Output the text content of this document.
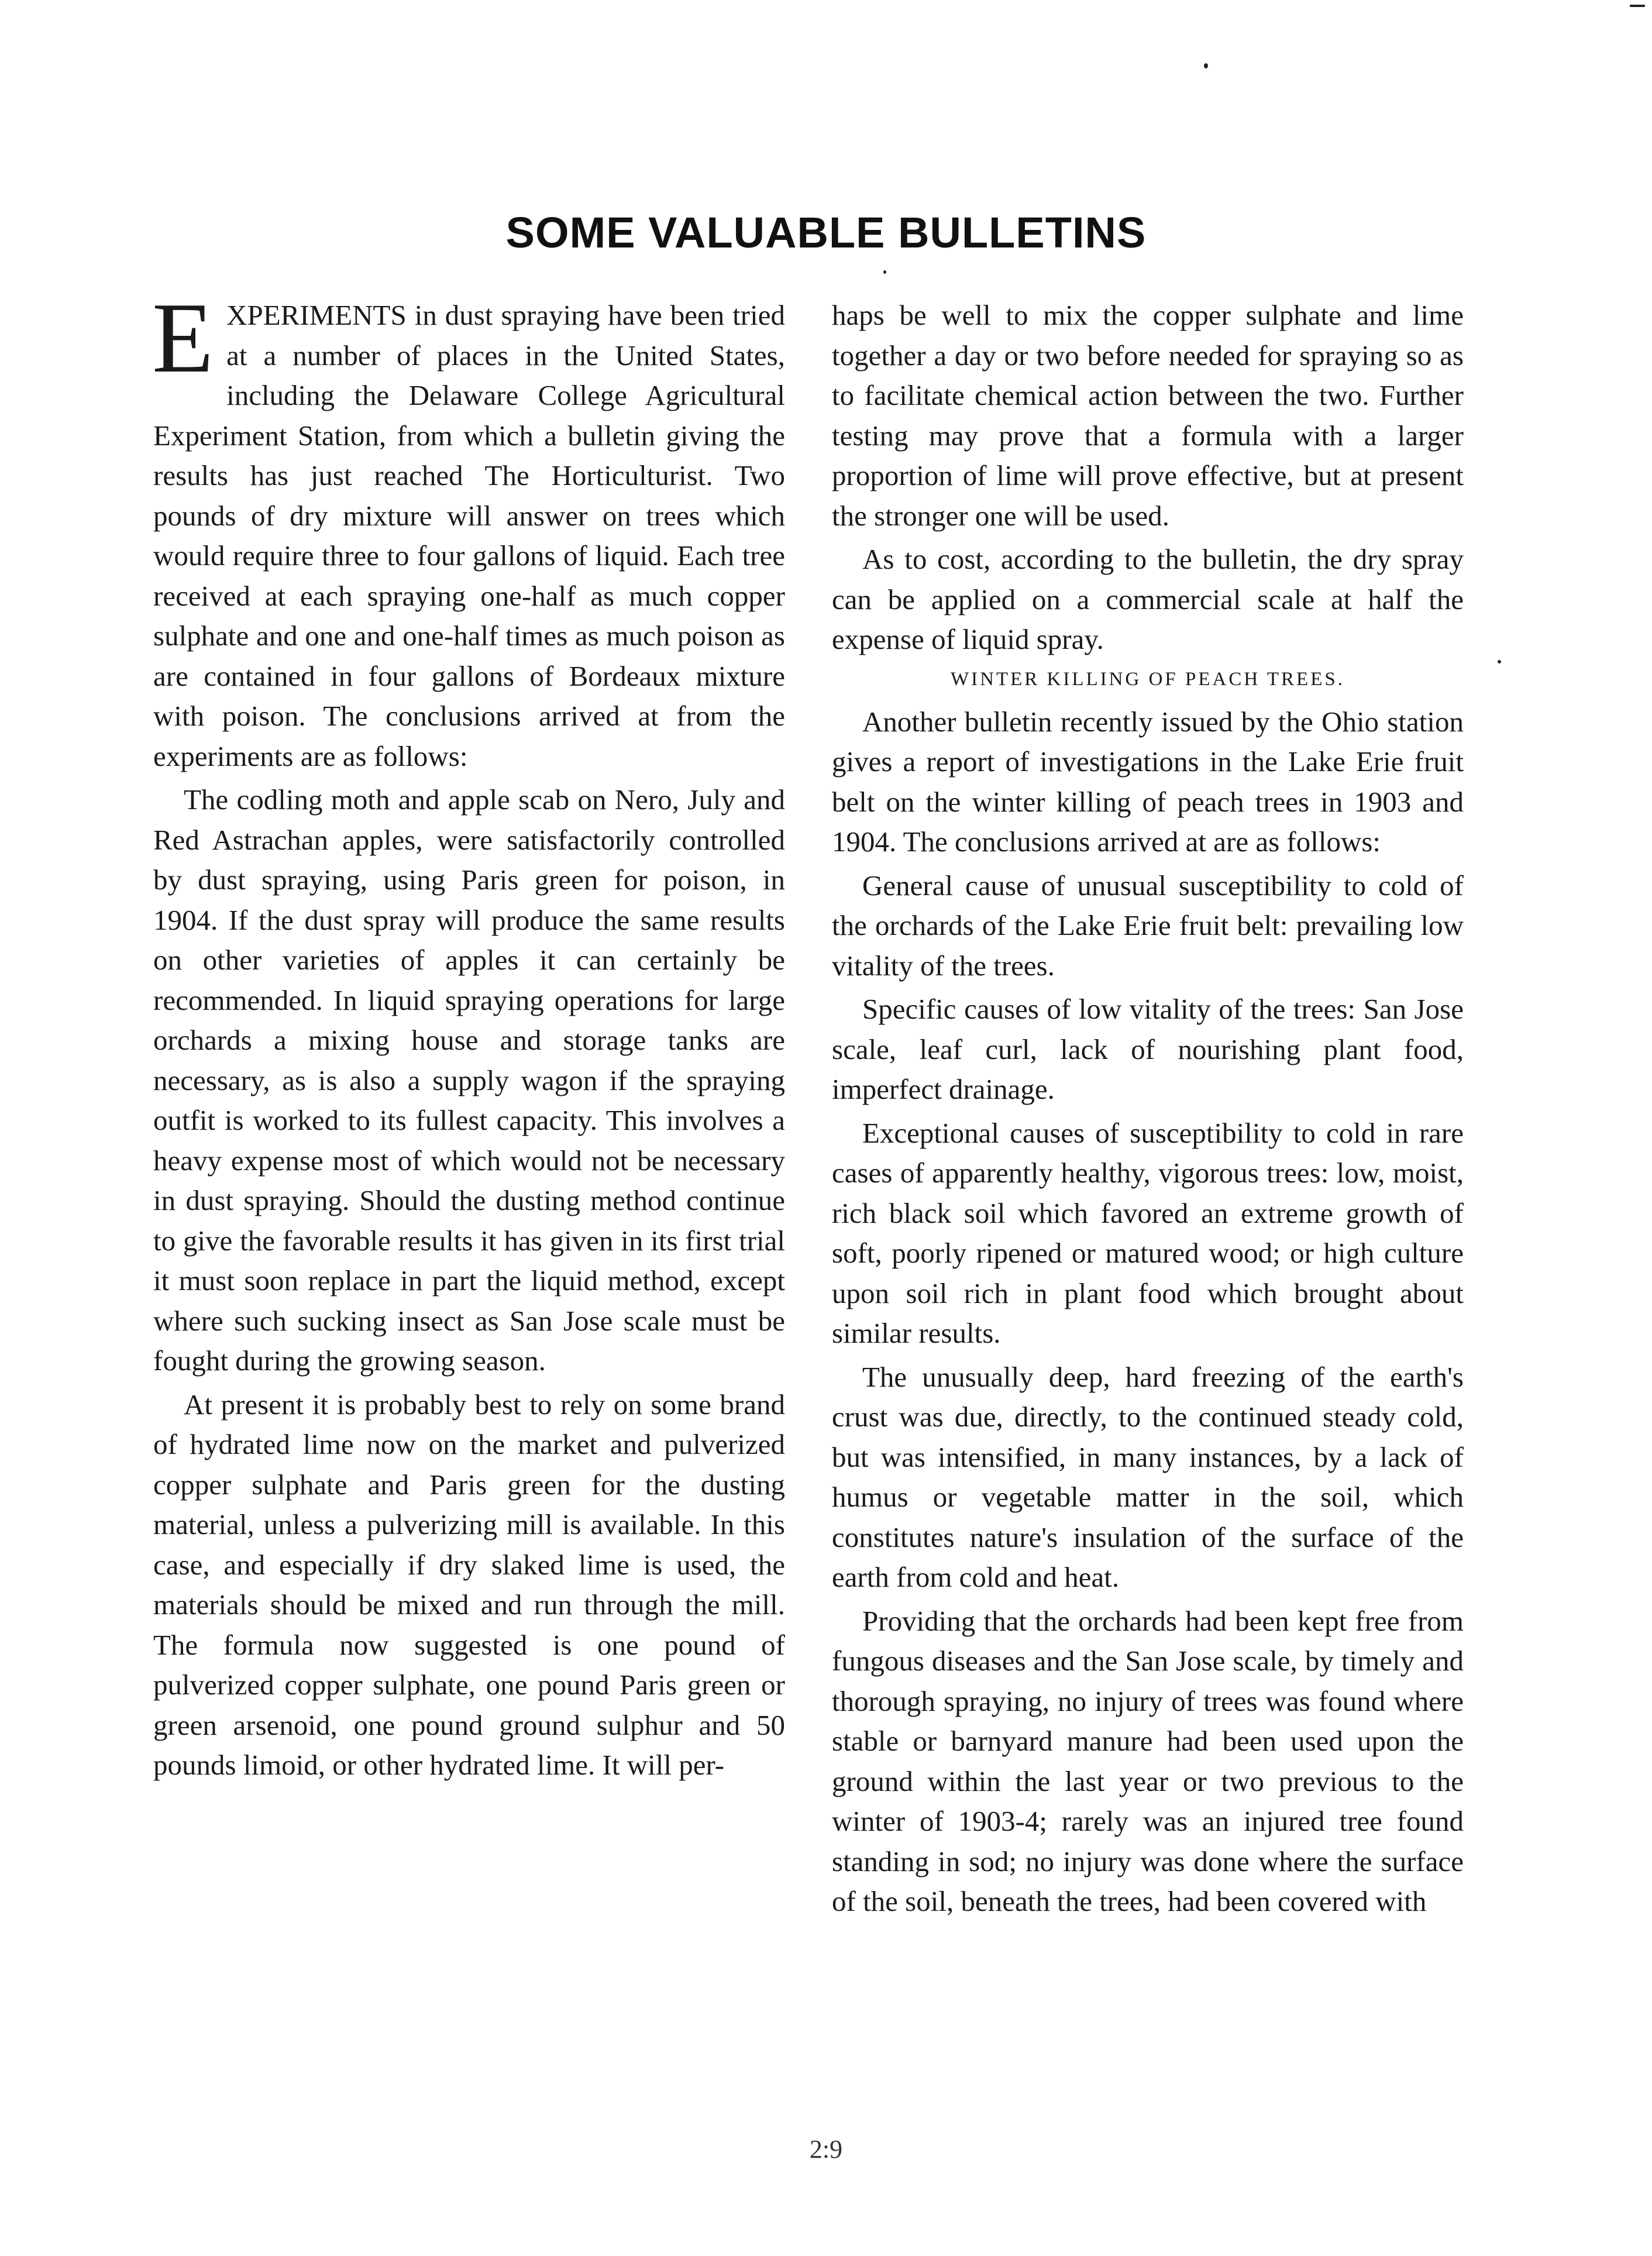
SOME VALUABLE BULLETINS

EXPERIMENTS in dust spraying have been tried at a number of places in the United States, including the Delaware College Agricultural Experiment Station, from which a bulletin giving the results has just reached The Horticulturist. Two pounds of dry mixture will answer on trees which would require three to four gallons of liquid. Each tree received at each spraying one-half as much copper sulphate and one and one-half times as much poison as are contained in four gallons of Bordeaux mixture with poison. The conclusions arrived at from the experiments are as follows:

The codling moth and apple scab on Nero, July and Red Astrachan apples, were satisfactorily controlled by dust spraying, using Paris green for poison, in 1904. If the dust spray will produce the same results on other varieties of apples it can certainly be recommended. In liquid spraying operations for large orchards a mixing house and storage tanks are necessary, as is also a supply wagon if the spraying outfit is worked to its fullest capacity. This involves a heavy expense most of which would not be necessary in dust spraying. Should the dusting method continue to give the favorable results it has given in its first trial it must soon replace in part the liquid method, except where such sucking insect as San Jose scale must be fought during the growing season.

At present it is probably best to rely on some brand of hydrated lime now on the market and pulverized copper sulphate and Paris green for the dusting material, unless a pulverizing mill is available. In this case, and especially if dry slaked lime is used, the materials should be mixed and run through the mill. The formula now suggested is one pound of pulverized copper sulphate, one pound Paris green or green arsenoid, one pound ground sulphur and 50 pounds limoid, or other hydrated lime. It will per-

haps be well to mix the copper sulphate and lime together a day or two before needed for spraying so as to facilitate chemical action between the two. Further testing may prove that a formula with a larger proportion of lime will prove effective, but at present the stronger one will be used.

As to cost, according to the bulletin, the dry spray can be applied on a commercial scale at half the expense of liquid spray.

WINTER KILLING OF PEACH TREES.

Another bulletin recently issued by the Ohio station gives a report of investigations in the Lake Erie fruit belt on the winter killing of peach trees in 1903 and 1904. The conclusions arrived at are as follows:

General cause of unusual susceptibility to cold of the orchards of the Lake Erie fruit belt: prevailing low vitality of the trees.

Specific causes of low vitality of the trees: San Jose scale, leaf curl, lack of nourishing plant food, imperfect drainage.

Exceptional causes of susceptibility to cold in rare cases of apparently healthy, vigorous trees: low, moist, rich black soil which favored an extreme growth of soft, poorly ripened or matured wood; or high culture upon soil rich in plant food which brought about similar results.

The unusually deep, hard freezing of the earth's crust was due, directly, to the continued steady cold, but was intensified, in many instances, by a lack of humus or vegetable matter in the soil, which constitutes nature's insulation of the surface of the earth from cold and heat.

Providing that the orchards had been kept free from fungous diseases and the San Jose scale, by timely and thorough spraying, no injury of trees was found where stable or barnyard manure had been used upon the ground within the last year or two previous to the winter of 1903-4; rarely was an injured tree found standing in sod; no injury was done where the surface of the soil, beneath the trees, had been covered with

2:9
